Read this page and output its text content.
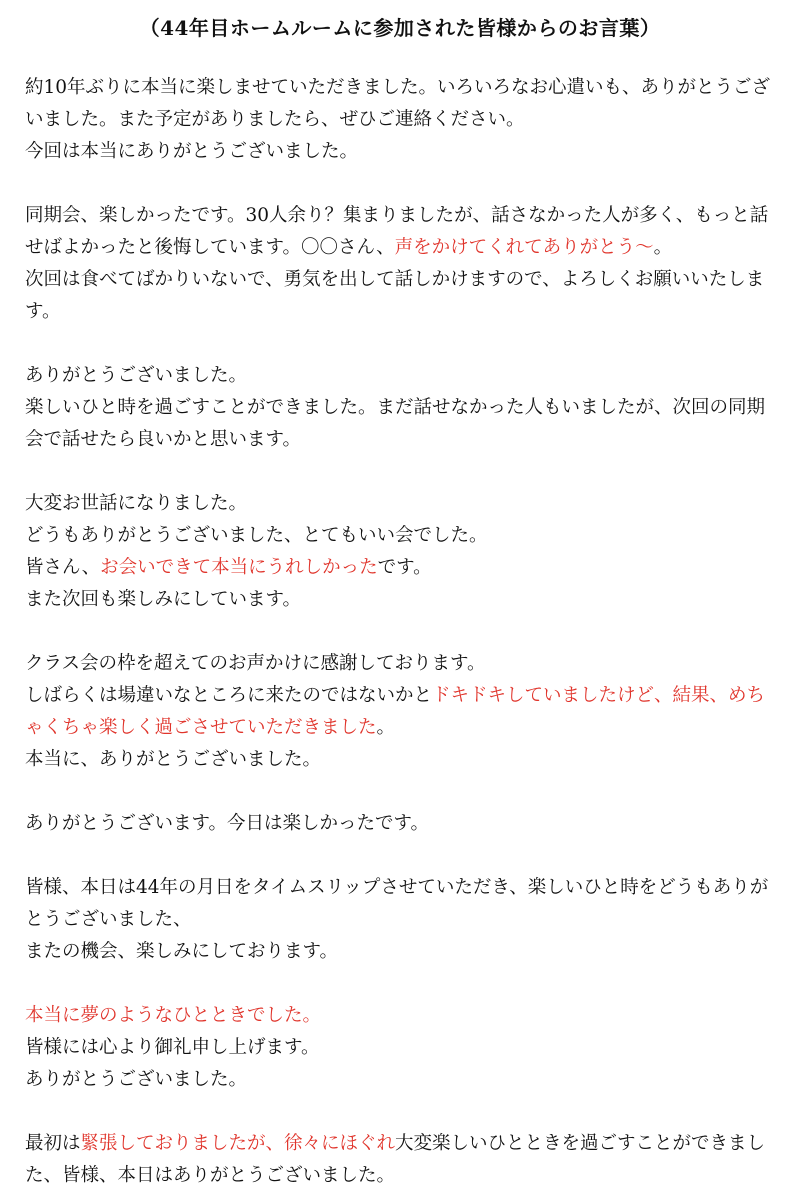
（44年目ホームルームに参加された皆様からのお言葉）
約10年ぶりに本当に楽しませていただきました。いろいろなお心遣いも、ありがとうございました。また予定がありましたら、ぜひご連絡ください。
今回は本当にありがとうございました。
同期会、楽しかったです。30人余り？集まりましたが、話さなかった人が多く、もっと話せばよかったと後悔しています。〇〇さん、声をかけてくれてありがとう〜。
次回は食べてばかりいないで、勇気を出して話しかけますので、よろしくお願いいたします。
ありがとうございました。
楽しいひと時を過ごすことができました。まだ話せなかった人もいましたが、次回の同期会で話せたら良いかと思います。
大変お世話になりました。
どうもありがとうございました、とてもいい会でした。
皆さん、お会いできて本当にうれしかったです。
また次回も楽しみにしています。
クラス会の枠を超えてのお声かけに感謝しております。
しばらくは場違いなところに来たのではないかとドキドキしていましたけど、結果、めちゃくちゃ楽しく過ごさせていただきました。
本当に、ありがとうございました。
ありがとうございます。今日は楽しかったです。
皆様、本日は44年の月日をタイムスリップさせていただき、楽しいひと時をどうもありがとうございました、
またの機会、楽しみにしております。
本当に夢のようなひとときでした。
皆様には心より御礼申し上げます。
ありがとうございました。
最初は緊張しておりましたが、徐々にほぐれ大変楽しいひとときを過ごすことができました、皆様、本日はありがとうございました。
